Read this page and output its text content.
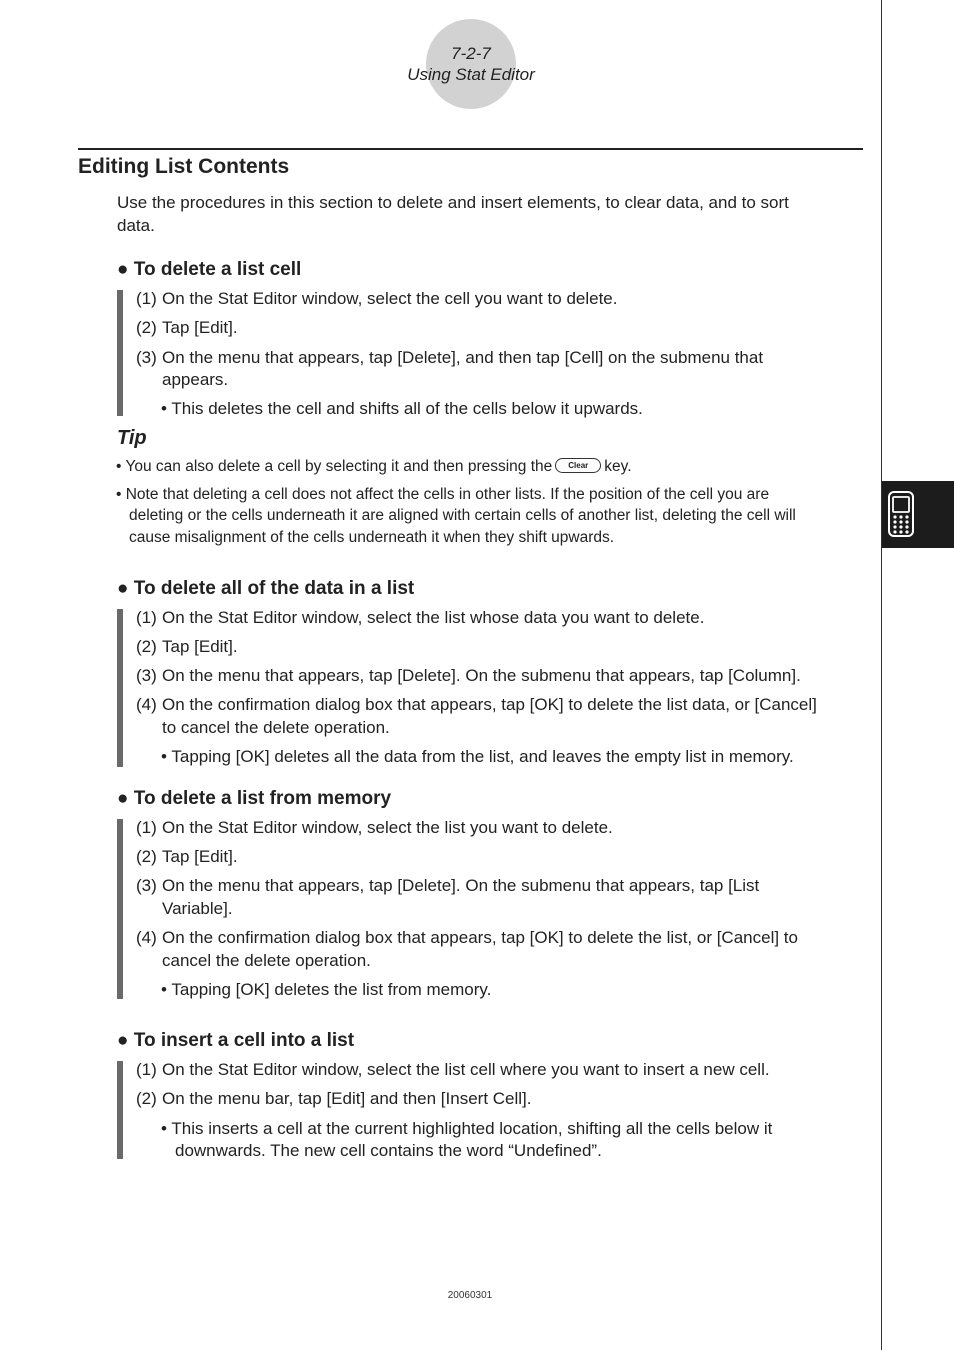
7-2-7
Using Stat Editor
Editing List Contents
Use the procedures in this section to delete and insert elements, to clear data, and to sort
data.
● To delete a list cell
(1) On the Stat Editor window, select the cell you want to delete.
(2) Tap [Edit].
(3) On the menu that appears, tap [Delete], and then tap [Cell] on the submenu that
appears.
• This deletes the cell and shifts all of the cells below it upwards.
Tip
• You can also delete a cell by selecting it and then pressing the Clear key.
• Note that deleting a cell does not affect the cells in other lists. If the position of the cell you are
deleting or the cells underneath it are aligned with certain cells of another list, deleting the cell will
cause misalignment of the cells underneath it when they shift upwards.
● To delete all of the data in a list
(1) On the Stat Editor window, select the list whose data you want to delete.
(2) Tap [Edit].
(3) On the menu that appears, tap [Delete]. On the submenu that appears, tap [Column].
(4) On the confirmation dialog box that appears, tap [OK] to delete the list data, or [Cancel]
to cancel the delete operation.
• Tapping [OK] deletes all the data from the list, and leaves the empty list in memory.
● To delete a list from memory
(1) On the Stat Editor window, select the list you want to delete.
(2) Tap [Edit].
(3) On the menu that appears, tap [Delete]. On the submenu that appears, tap [List
Variable].
(4) On the confirmation dialog box that appears, tap [OK] to delete the list, or [Cancel] to
cancel the delete operation.
• Tapping [OK] deletes the list from memory.
● To insert a cell into a list
(1) On the Stat Editor window, select the list cell where you want to insert a new cell.
(2) On the menu bar, tap [Edit] and then [Insert Cell].
• This inserts a cell at the current highlighted location, shifting all the cells below it
downwards. The new cell contains the word “Undefined”.
20060301
